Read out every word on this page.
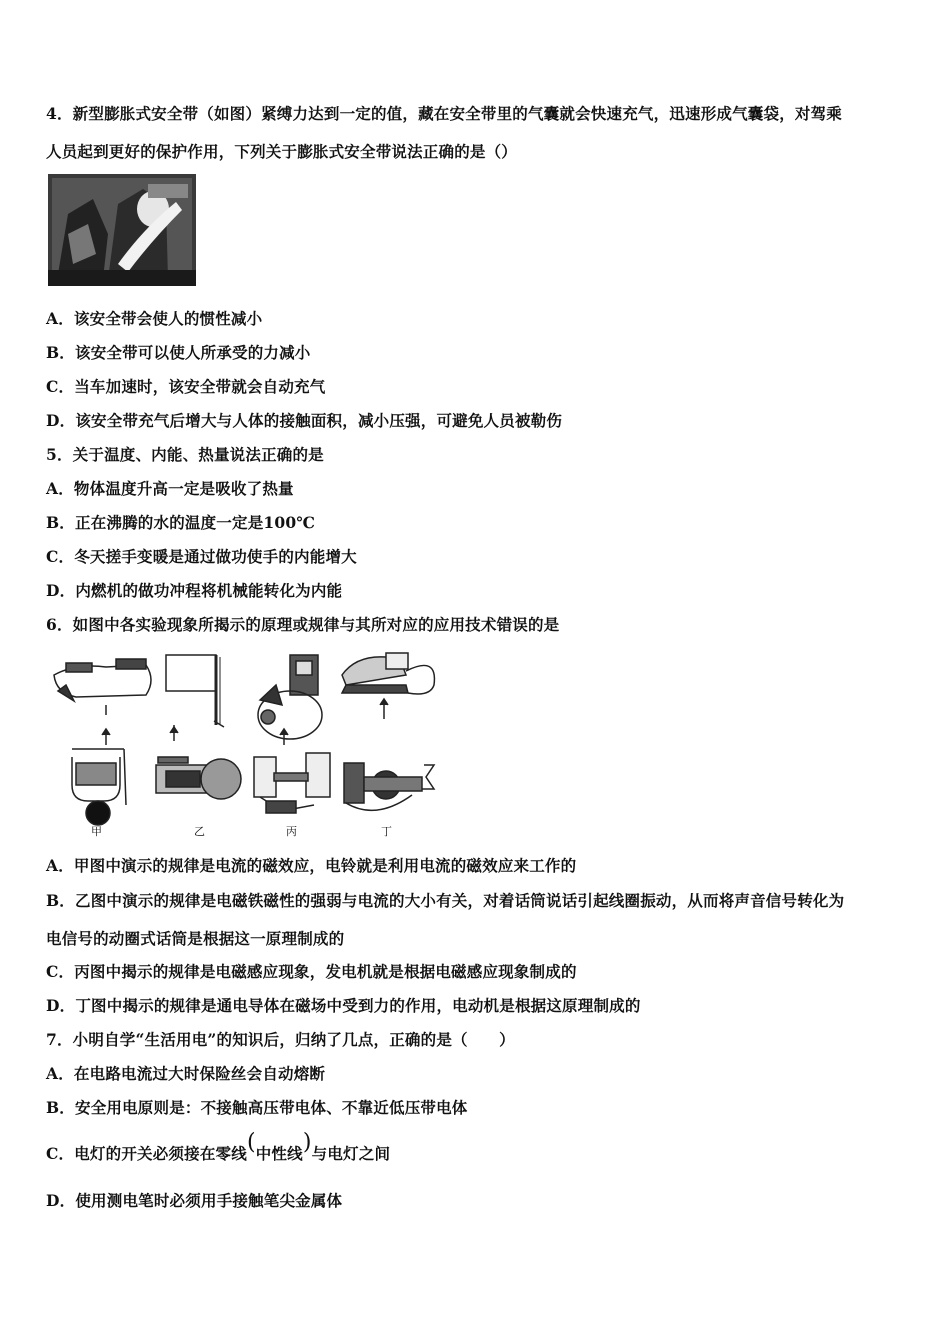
4．新型膨胀式安全带（如图）紧缚力达到一定的值，藏在安全带里的气囊就会快速充气，迅速形成气囊袋，对驾乘
人员起到更好的保护作用，下列关于膨胀式安全带说法正确的是（）
A．该安全带会使人的惯性减小
B．该安全带可以使人所承受的力减小
C．当车加速时，该安全带就会自动充气
D．该安全带充气后增大与人体的接触面积，减小压强，可避免人员被勒伤
5．关于温度、内能、热量说法正确的是
A．物体温度升高一定是吸收了热量
B．正在沸腾的水的温度一定是100℃
C．冬天搓手变暖是通过做功使手的内能增大
D．内燃机的做功冲程将机械能转化为内能
6．如图中各实验现象所揭示的原理或规律与其所对应的应用技术错误的是
甲	乙	丙	丁
A．甲图中演示的规律是电流的磁效应，电铃就是利用电流的磁效应来工作的
B．乙图中演示的规律是电磁铁磁性的强弱与电流的大小有关，对着话筒说话引起线圈振动，从而将声音信号转化为
电信号的动圈式话筒是根据这一原理制成的
C．丙图中揭示的规律是电磁感应现象，发电机就是根据电磁感应现象制成的
D．丁图中揭示的规律是通电导体在磁场中受到力的作用，电动机是根据这原理制成的
7．小明自学“生活用电”的知识后，归纳了几点，正确的是（　　）
A．在电路电流过大时保险丝会自动熔断
B．安全用电原则是：不接触高压带电体、不靠近低压带电体
C．电灯的开关必须接在零线(中性线)与电灯之间
D．使用测电笔时必须用手接触笔尖金属体
